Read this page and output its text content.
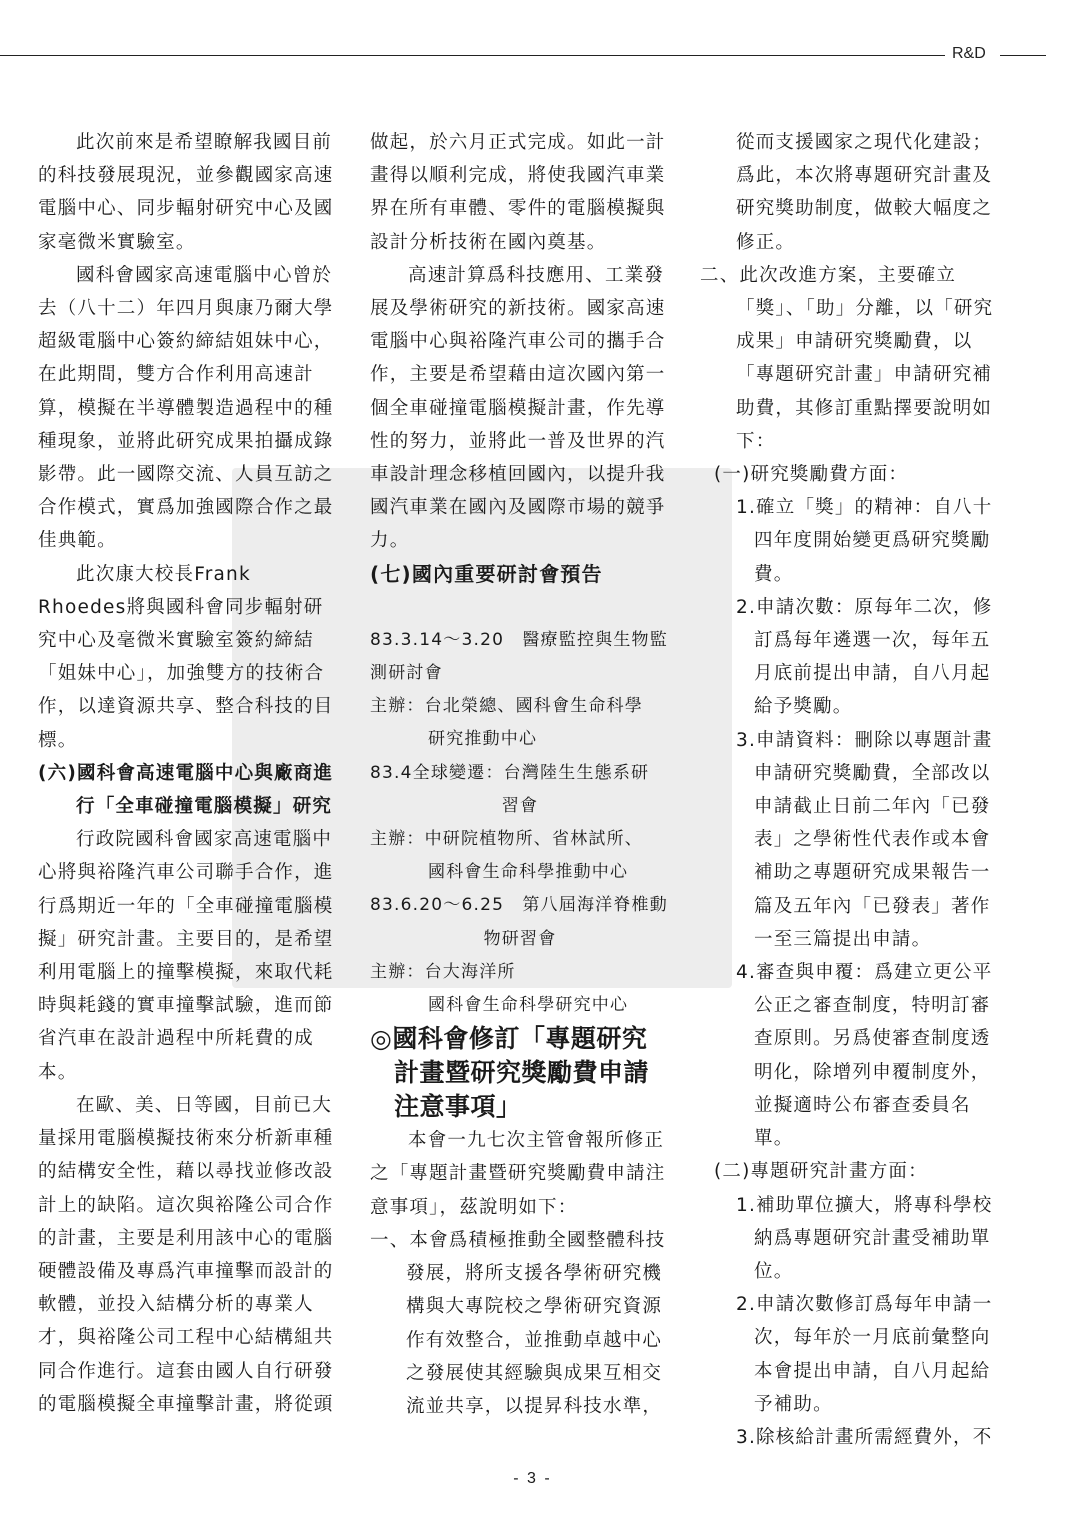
R&D

此次前來是希望瞭解我國目前的科技發展現況，並參觀國家高速電腦中心、同步輻射研究中心及國家毫微米實驗室。

國科會國家高速電腦中心曾於去（八十二）年四月與康乃爾大學超級電腦中心簽約締結姐妹中心，在此期間，雙方合作利用高速計算，模擬在半導體製造過程中的種種現象，並將此研究成果拍攝成錄影帶。此一國際交流、人員互訪之合作模式，實爲加強國際合作之最佳典範。

此次康大校長Frank Rhoedes將與國科會同步輻射研究中心及毫微米實驗室簽約締結「姐妹中心」，加強雙方的技術合作，以達資源共享、整合科技的目標。

(六)國科會高速電腦中心與廠商進行「全車碰撞電腦模擬」研究

行政院國科會國家高速電腦中心將與裕隆汽車公司聯手合作，進行爲期近一年的「全車碰撞電腦模擬」研究計畫。主要目的，是希望利用電腦上的撞擊模擬，來取代耗時與耗錢的實車撞擊試驗，進而節省汽車在設計過程中所耗費的成本。

在歐、美、日等國，目前已大量採用電腦模擬技術來分析新車種的結構安全性，藉以尋找並修改設計上的缺陷。這次與裕隆公司合作的計畫，主要是利用該中心的電腦硬體設備及專爲汽車撞擊而設計的軟體，並投入結構分析的專業人才，與裕隆公司工程中心結構組共同合作進行。這套由國人自行研發的電腦模擬全車撞擊計畫，將從頭

做起，於六月正式完成。如此一計畫得以順利完成，將使我國汽車業界在所有車體、零件的電腦模擬與設計分析技術在國內奠基。

高速計算爲科技應用、工業發展及學術研究的新技術。國家高速電腦中心與裕隆汽車公司的攜手合作，主要是希望藉由這次國內第一個全車碰撞電腦模擬計畫，作先導性的努力，並將此一普及世界的汽車設計理念移植回國內，以提升我國汽車業在國內及國際市場的競爭力。

(七)國內重要研討會預告

83.3.14～3.20　 醫療監控與生物監測研討會

主辦：台北榮總、國科會生命科學

研究推動中心

83.4全球變遷：台灣陸生生態系研

習會

主辦：中研院植物所、省林試所、

國科會生命科學推動中心

83.6.20～6.25　第八屆海洋脊椎動

物研習會

主辦：台大海洋所

國科會生命科學研究中心

◎國科會修訂「專題研究計畫暨研究獎勵費申請注意事項」

本會一九七次主管會報所修正之「專題計畫暨研究獎勵費申請注意事項」，茲說明如下：

一、本會爲積極推動全國整體科技發展，將所支援各學術研究機構與大專院校之學術研究資源作有效整合，並推動卓越中心之發展使其經驗與成果互相交流並共享，以提昇科技水準，

從而支援國家之現代化建設；爲此，本次將專題研究計畫及研究獎助制度，做較大幅度之修正。

二、此次改進方案，主要確立「獎」、「助」分離，以「研究成果」申請研究獎勵費，以「專題研究計畫」申請研究補助費，其修訂重點擇要說明如下：

(一)研究獎勵費方面：

1.確立「獎」的精神：自八十四年度開始變更爲研究獎勵費。

2.申請次數：原每年二次，修訂爲每年遴選一次，每年五月底前提出申請，自八月起給予獎勵。

3.申請資料：刪除以專題計畫申請研究獎勵費，全部改以申請截止日前二年內「已發表」之學術性代表作或本會補助之專題研究成果報告一篇及五年內「已發表」著作一至三篇提出申請。

4.審查與申覆：爲建立更公平公正之審查制度，特明訂審查原則。另爲使審查制度透明化，除增列申覆制度外，並擬適時公布審查委員名單。

(二)專題研究計畫方面：

1.補助單位擴大，將專科學校納爲專題研究計畫受補助單位。

2.申請次數修訂爲每年申請一次，每年於一月底前彙整向本會提出申請，自八月起給予補助。

3.除核給計畫所需經費外，不

- 3 -
